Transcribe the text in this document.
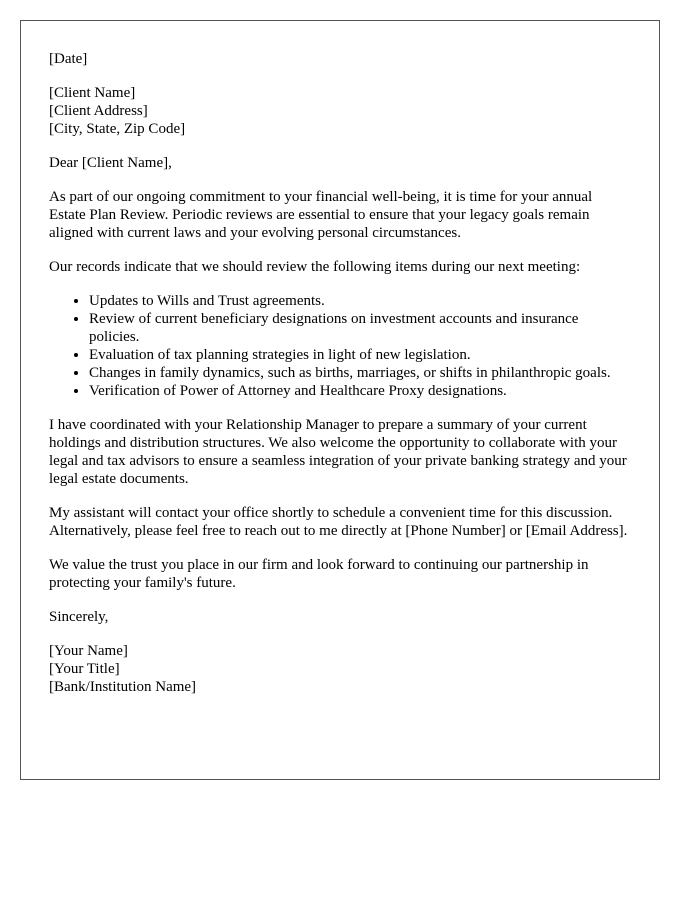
[Date]
[Client Name]
[Client Address]
[City, State, Zip Code]

Dear [Client Name],

As part of our ongoing commitment to your financial well-being, it is time for your annual Estate Plan Review. Periodic reviews are essential to ensure that your legacy goals remain aligned with current laws and your evolving personal circumstances.

Our records indicate that we should review the following items during our next meeting:

• Updates to Wills and Trust agreements.
• Review of current beneficiary designations on investment accounts and insurance policies.
• Evaluation of tax planning strategies in light of new legislation.
• Changes in family dynamics, such as births, marriages, or shifts in philanthropic goals.
• Verification of Power of Attorney and Healthcare Proxy designations.

I have coordinated with your Relationship Manager to prepare a summary of your current holdings and distribution structures. We also welcome the opportunity to collaborate with your legal and tax advisors to ensure a seamless integration of your private banking strategy and your legal estate documents.

My assistant will contact your office shortly to schedule a convenient time for this discussion. Alternatively, please feel free to reach out to me directly at [Phone Number] or [Email Address].

We value the trust you place in our firm and look forward to continuing our partnership in protecting your family's future.

Sincerely,

[Your Name]
[Your Title]
[Bank/Institution Name]
